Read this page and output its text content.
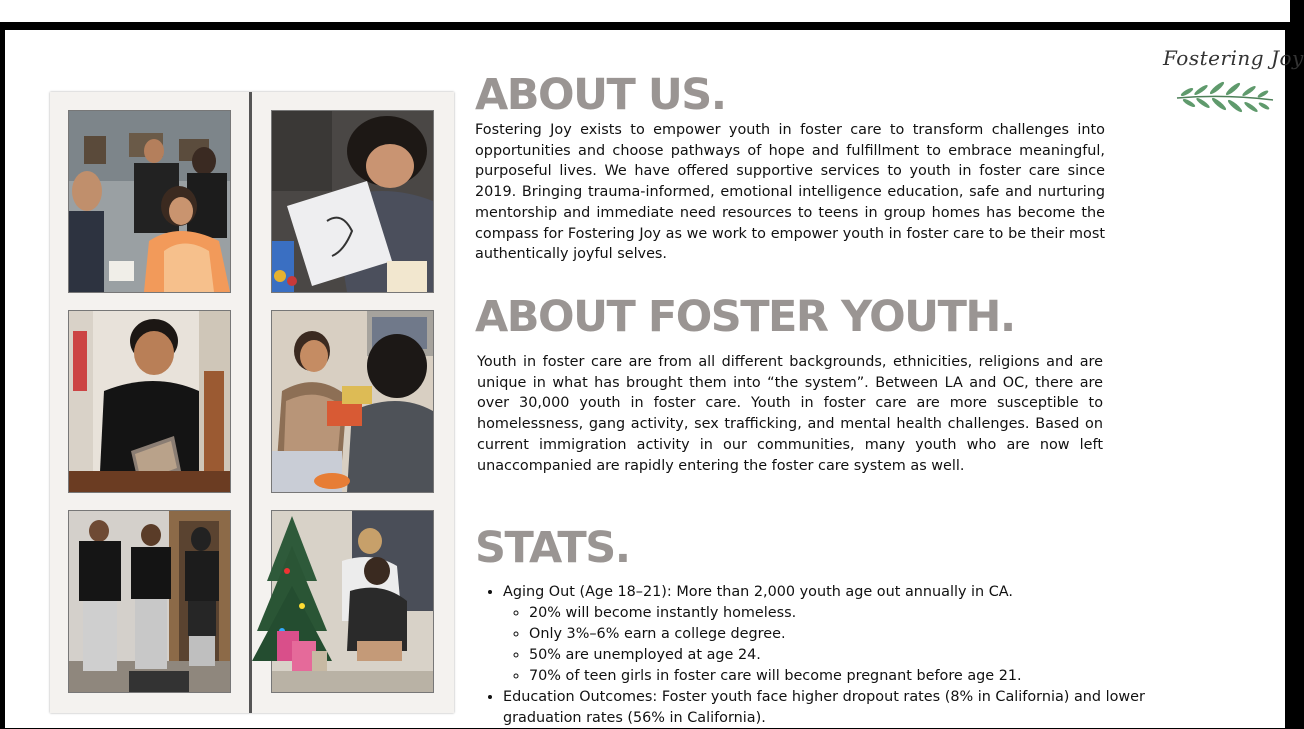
ABOUT US.

Fostering Joy exists to empower youth in foster care to transform challenges into opportunities and choose pathways of hope and fulfillment to embrace meaningful, purposeful lives. We have offered supportive services to youth in foster care since 2019. Bringing trauma-informed, emotional intelligence education, safe and nurturing mentorship and immediate need resources to teens in group homes has become the compass for Fostering Joy as we work to empower youth in foster care to be their most authentically joyful selves.

ABOUT FOSTER YOUTH.

Youth in foster care are from all different backgrounds, ethnicities, religions and are unique in what has brought them into “the system”. Between LA and OC, there are over 30,000 youth in foster care. Youth in foster care are more susceptible to homelessness, gang activity, sex trafficking, and mental health challenges. Based on current immigration activity in our communities, many youth who are now left unaccompanied are rapidly entering the foster care system as well.

STATS.
• Aging Out (Age 18–21): More than 2,000 youth age out annually in CA.
◦ 20% will become instantly homeless.
◦ Only 3%–6% earn a college degree.
◦ 50% are unemployed at age 24.
◦ 70% of teen girls in foster care will become pregnant before age 21.
• Education Outcomes: Foster youth face higher dropout rates (8% in California) and lower graduation rates (56% in California).
Fostering Joy
